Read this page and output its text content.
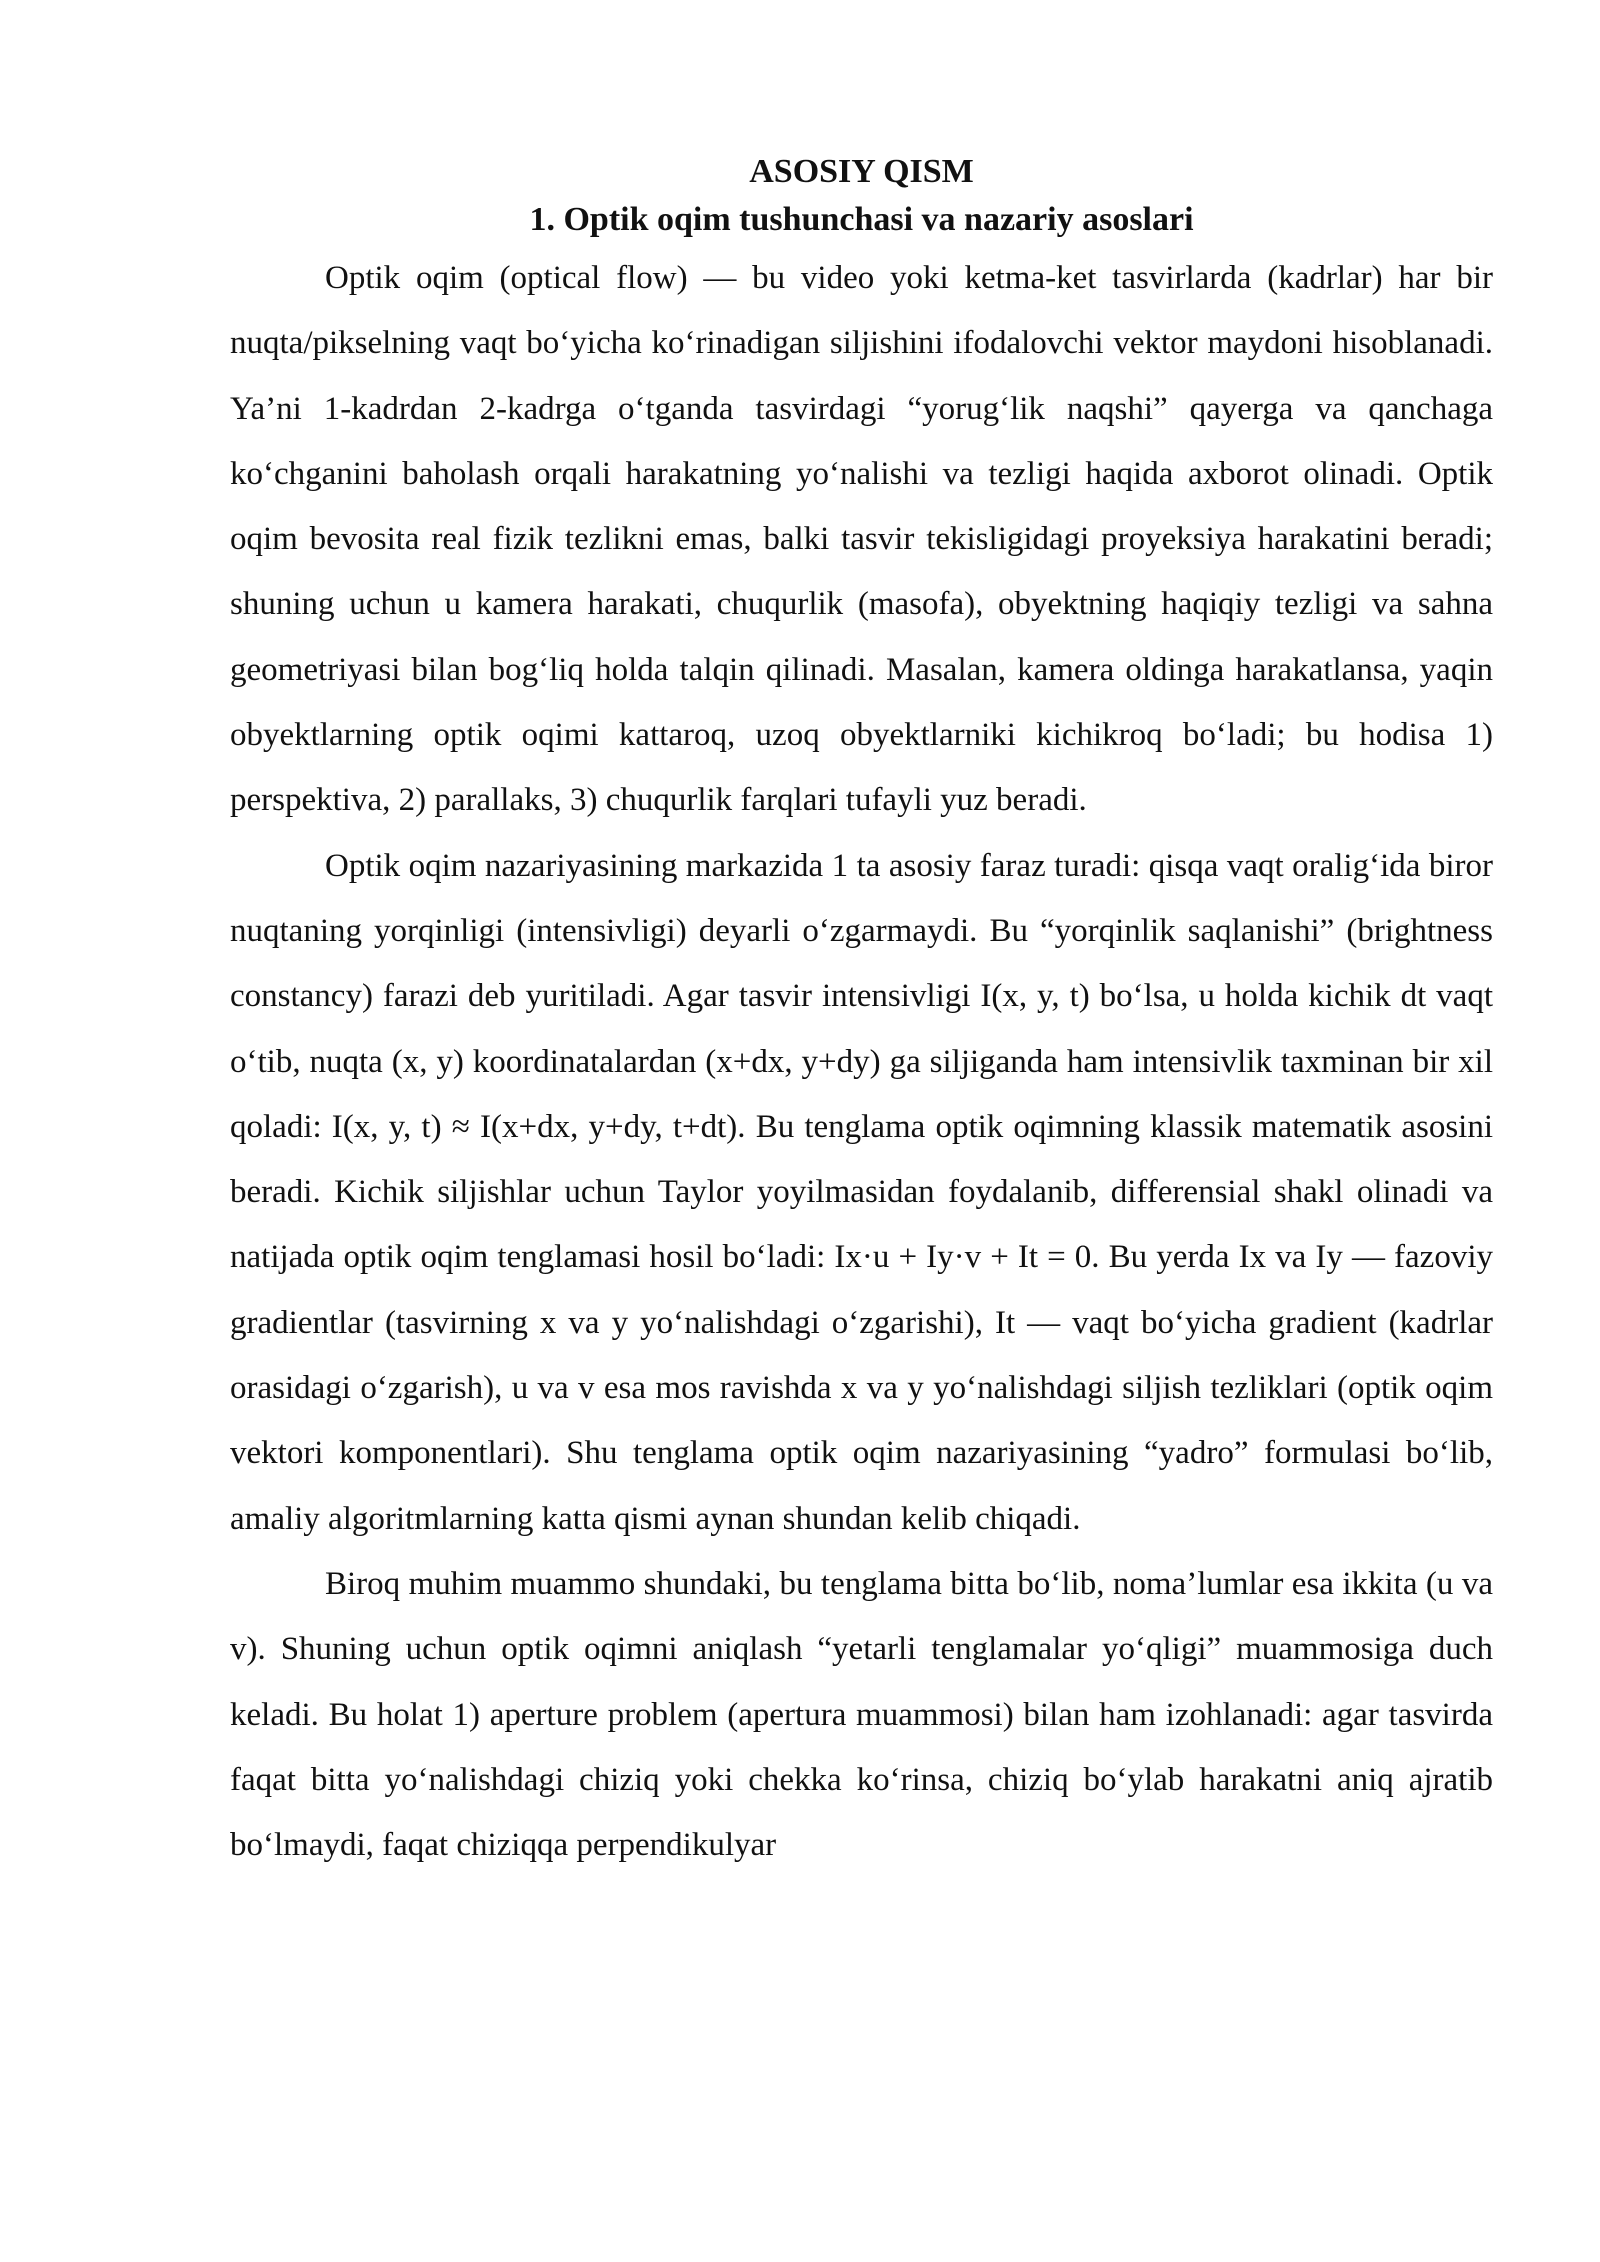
ASOSIY QISM
1. Optik oqim tushunchasi va nazariy asoslari

Optik oqim (optical flow) — bu video yoki ketma-ket tasvirlarda (kadrlar) har bir nuqta/pikselning vaqt bo‘yicha ko‘rinadigan siljishini ifodalovchi vektor maydoni hisoblanadi. Ya’ni 1-kadrdan 2-kadrga o‘tganda tasvirdagi “yorug‘lik naqshi” qayerga va qanchaga ko‘chganini baholash orqali harakatning yo‘nalishi va tezligi haqida axborot olinadi. Optik oqim bevosita real fizik tezlikni emas, balki tasvir tekisligidagi proyeksiya harakatini beradi; shuning uchun u kamera harakati, chuqurlik (masofa), obyektning haqiqiy tezligi va sahna geometriyasi bilan bog‘liq holda talqin qilinadi. Masalan, kamera oldinga harakatlansa, yaqin obyektlarning optik oqimi kattaroq, uzoq obyektlarniki kichikroq bo‘ladi; bu hodisa 1) perspektiva, 2) parallaks, 3) chuqurlik farqlari tufayli yuz beradi.

Optik oqim nazariyasining markazida 1 ta asosiy faraz turadi: qisqa vaqt oralig‘ida biror nuqtaning yorqinligi (intensivligi) deyarli o‘zgarmaydi. Bu “yorqinlik saqlanishi” (brightness constancy) farazi deb yuritiladi. Agar tasvir intensivligi I(x, y, t) bo‘lsa, u holda kichik dt vaqt o‘tib, nuqta (x, y) koordinatalardan (x+dx, y+dy) ga siljiganda ham intensivlik taxminan bir xil qoladi: I(x, y, t) ≈ I(x+dx, y+dy, t+dt). Bu tenglama optik oqimning klassik matematik asosini beradi. Kichik siljishlar uchun Taylor yoyilmasidan foydalanib, differensial shakl olinadi va natijada optik oqim tenglamasi hosil bo‘ladi: Ix·u + Iy·v + It = 0. Bu yerda Ix va Iy — fazoviy gradientlar (tasvirning x va y yo‘nalishdagi o‘zgarishi), It — vaqt bo‘yicha gradient (kadrlar orasidagi o‘zgarish), u va v esa mos ravishda x va y yo‘nalishdagi siljish tezliklari (optik oqim vektori komponentlari). Shu tenglama optik oqim nazariyasining “yadro” formulasi bo‘lib, amaliy algoritmlarning katta qismi aynan shundan kelib chiqadi.

Biroq muhim muammo shundaki, bu tenglama bitta bo‘lib, noma’lumlar esa ikkita (u va v). Shuning uchun optik oqimni aniqlash “yetarli tenglamalar yo‘qligi” muammosiga duch keladi. Bu holat 1) aperture problem (apertura muammosi) bilan ham izohlanadi: agar tasvirda faqat bitta yo‘nalishdagi chiziq yoki chekka ko‘rinsa, chiziq bo‘ylab harakatni aniq ajratib bo‘lmaydi, faqat chiziqqa perpendikulyar
